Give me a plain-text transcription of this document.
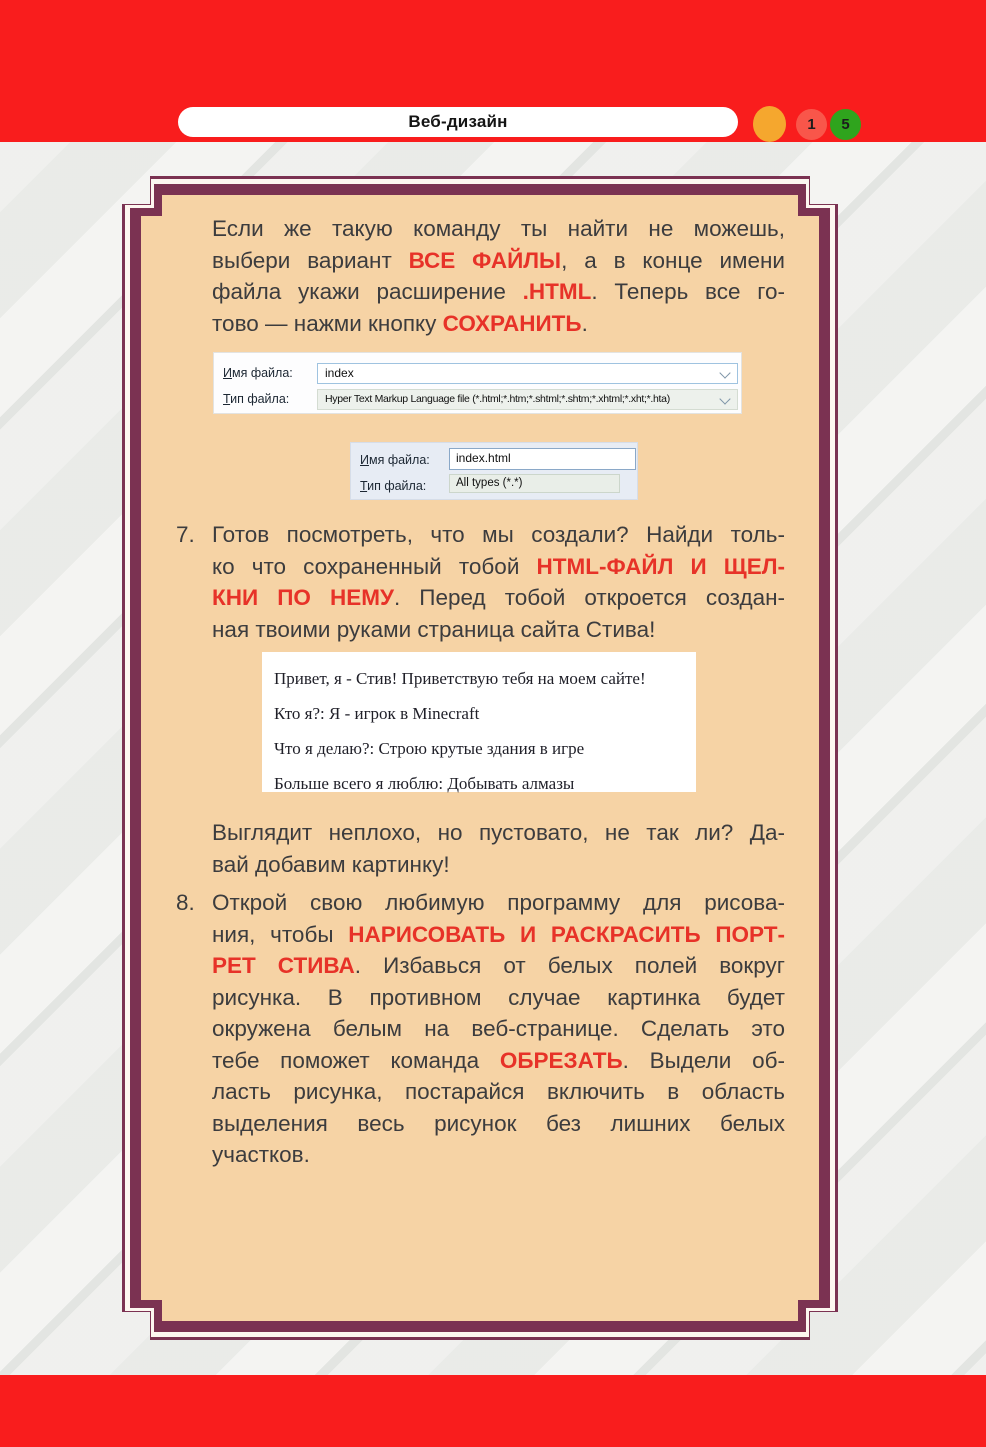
Веб-дизайн	1 5
Если же такую команду ты найти не можешь,
выбери вариант ВСЕ ФАЙЛЫ, а в конце имени
файла укажи расширение .HTML. Теперь все го-
тово — нажми кнопку СОХРАНИТЬ.
Имя файла:	index
Тип файла:	Hyper Text Markup Language file (*.html;*.htm;*.shtml;*.shtm;*.xhtml;*.xht;*.hta)
Имя файла:	index.html
Тип файла:	All types (*.*)
7. Готов посмотреть, что мы создали? Найди толь-
ко что сохраненный тобой HTML-ФАЙЛ И ЩЕЛ-
КНИ ПО НЕМУ. Перед тобой откроется создан-
ная твоими руками страница сайта Стива!
Привет, я - Стив! Приветствую тебя на моем сайте!
Кто я?: Я - игрок в Minecraft
Что я делаю?: Строю крутые здания в игре
Больше всего я люблю: Добывать алмазы
Выглядит неплохо, но пустовато, не так ли? Да-
вай добавим картинку!
8. Открой свою любимую программу для рисова-
ния, чтобы НАРИСОВАТЬ И РАСКРАСИТЬ ПОРТ-
РЕТ СТИВА. Избавься от белых полей вокруг
рисунка. В противном случае картинка будет
окружена белым на веб-странице. Сделать это
тебе поможет команда ОБРЕЗАТЬ. Выдели об-
ласть рисунка, постарайся включить в область
выделения весь рисунок без лишних белых
участков.
